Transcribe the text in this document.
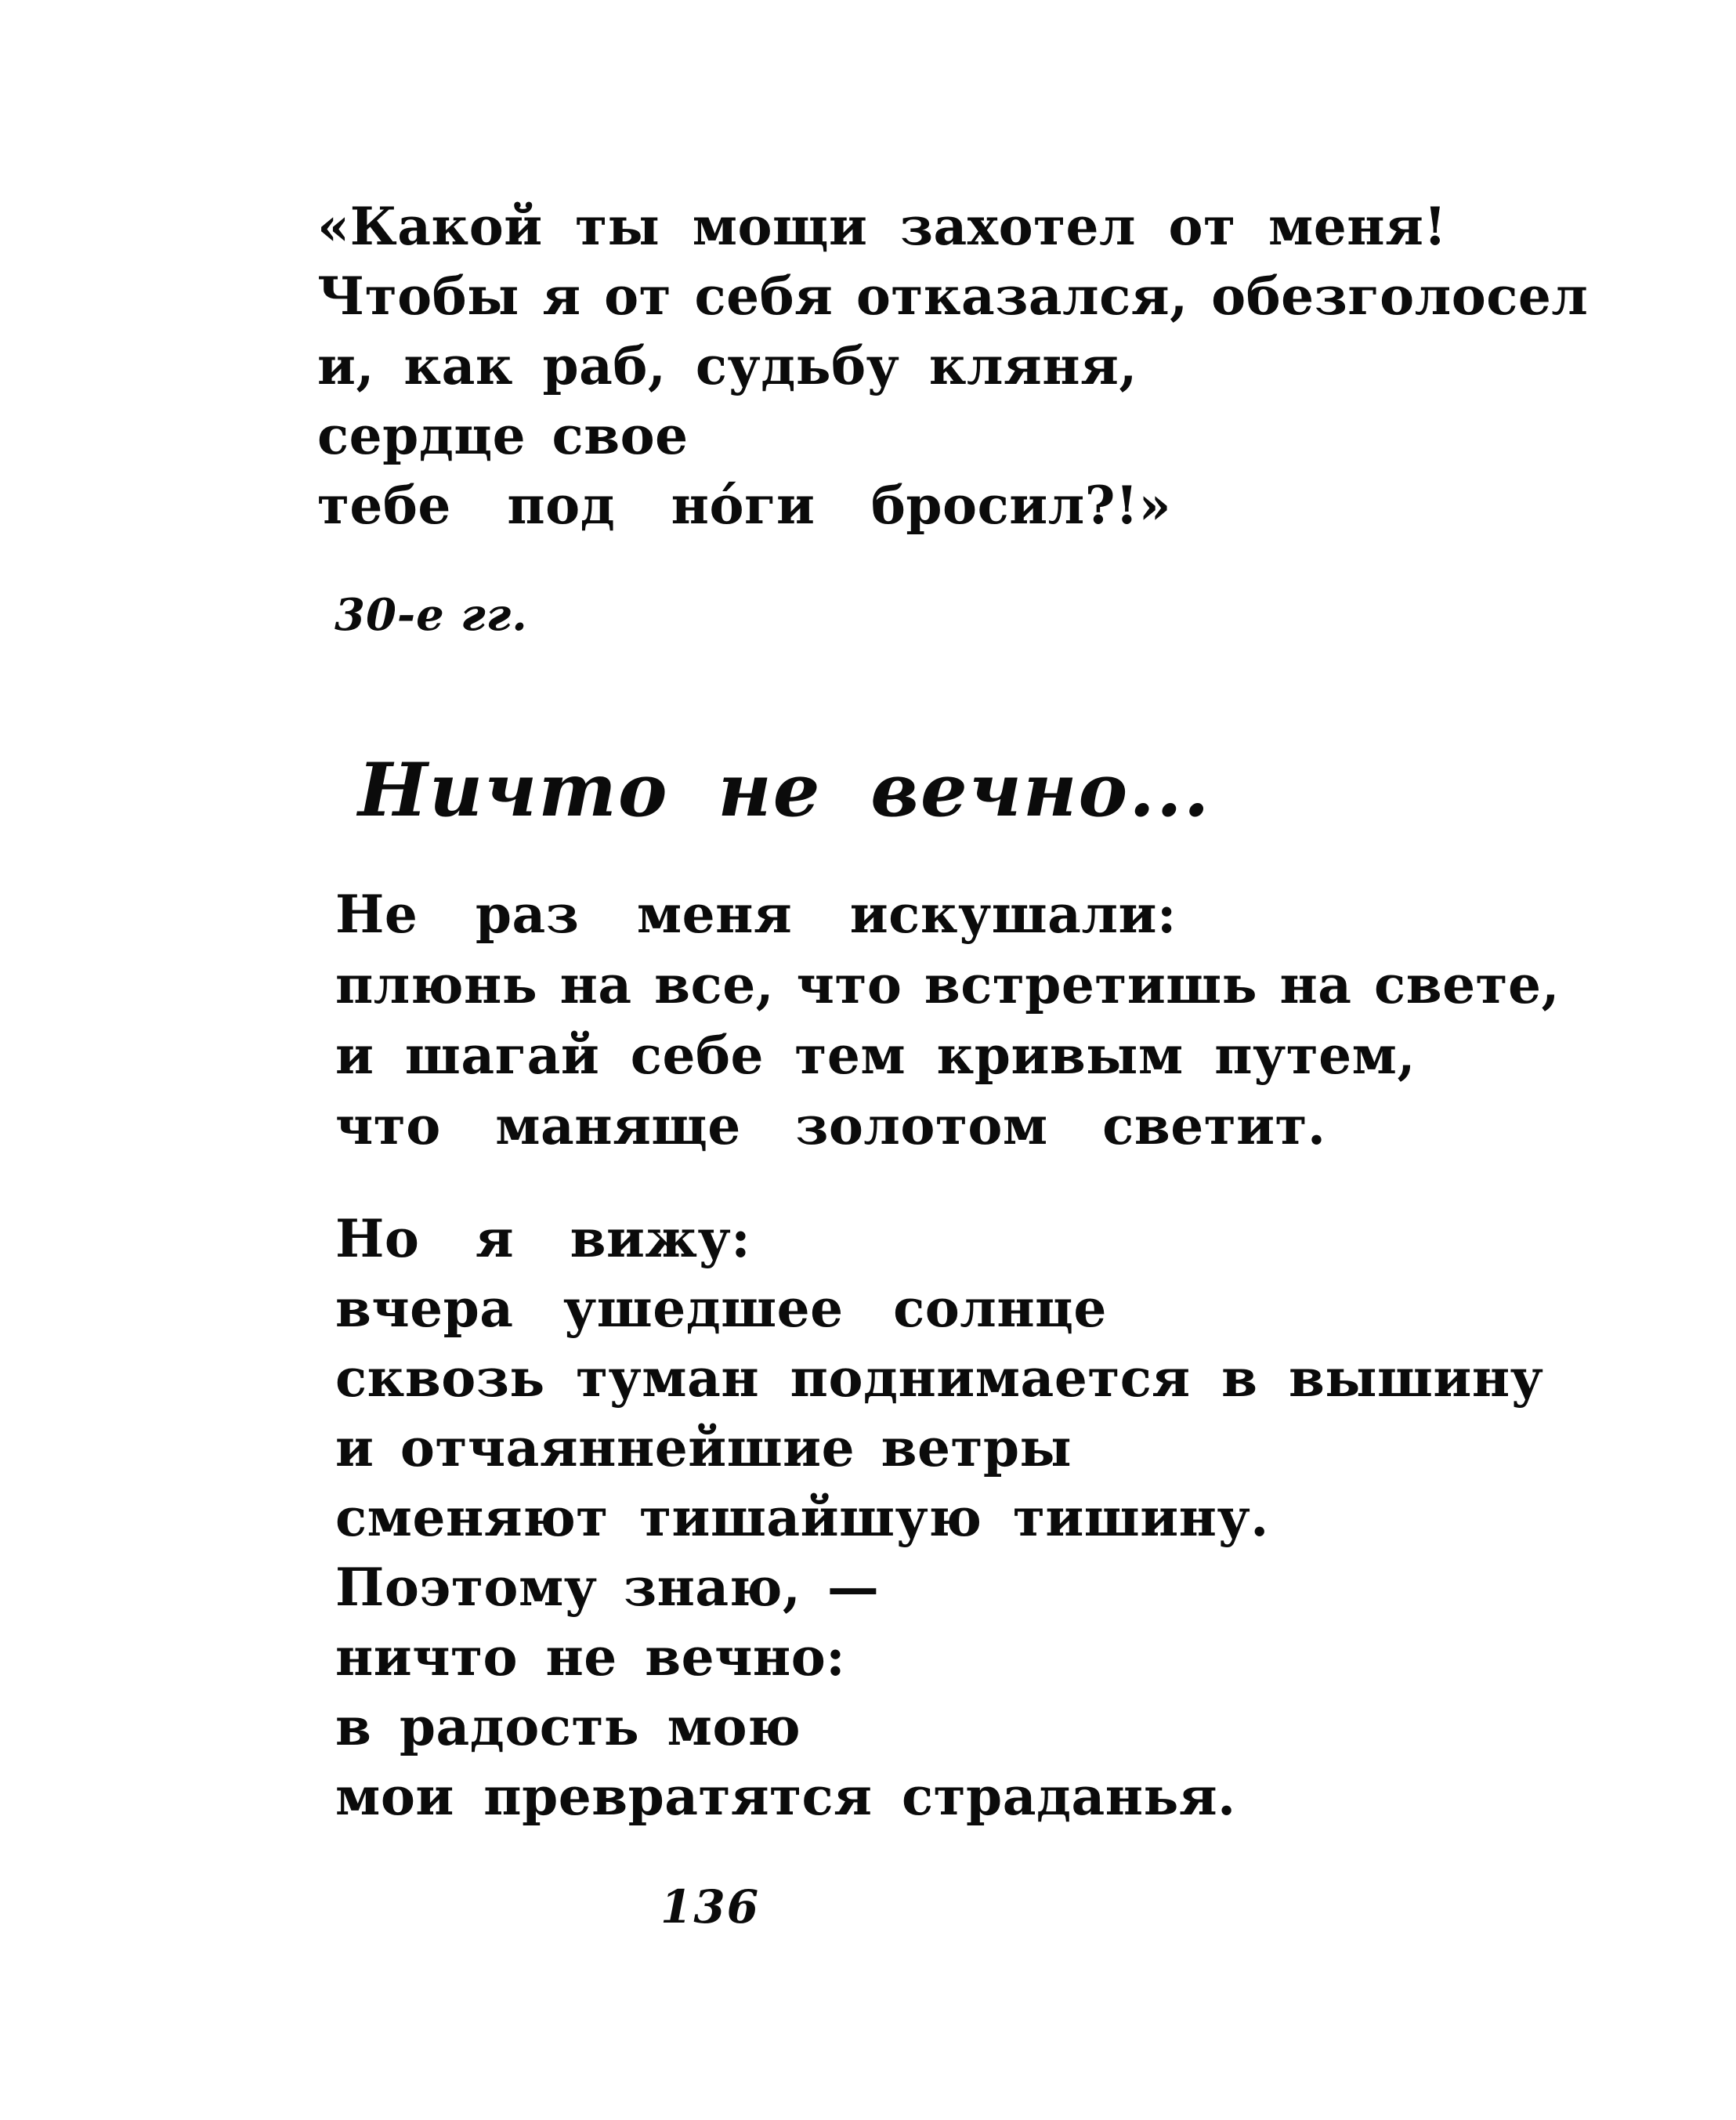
«Какой ты мощи захотел от меня!
Чтобы я от себя отказался, обезголосел
и, как раб, судьбу кляня,
сердце свое
тебе под но́ги бросил?!»
30-е гг.
Ничто не вечно...
Не раз меня искушали:
плюнь на все, что встретишь на свете,
и шагай себе тем кривым путем,
что маняще золотом светит.
Но я вижу:
вчера ушедшее солнце
сквозь туман поднимается в вышину
и отчаяннейшие ветры
сменяют тишайшую тишину.
Поэтому знаю, —
ничто не вечно:
в радость мою
мои превратятся страданья.
136
